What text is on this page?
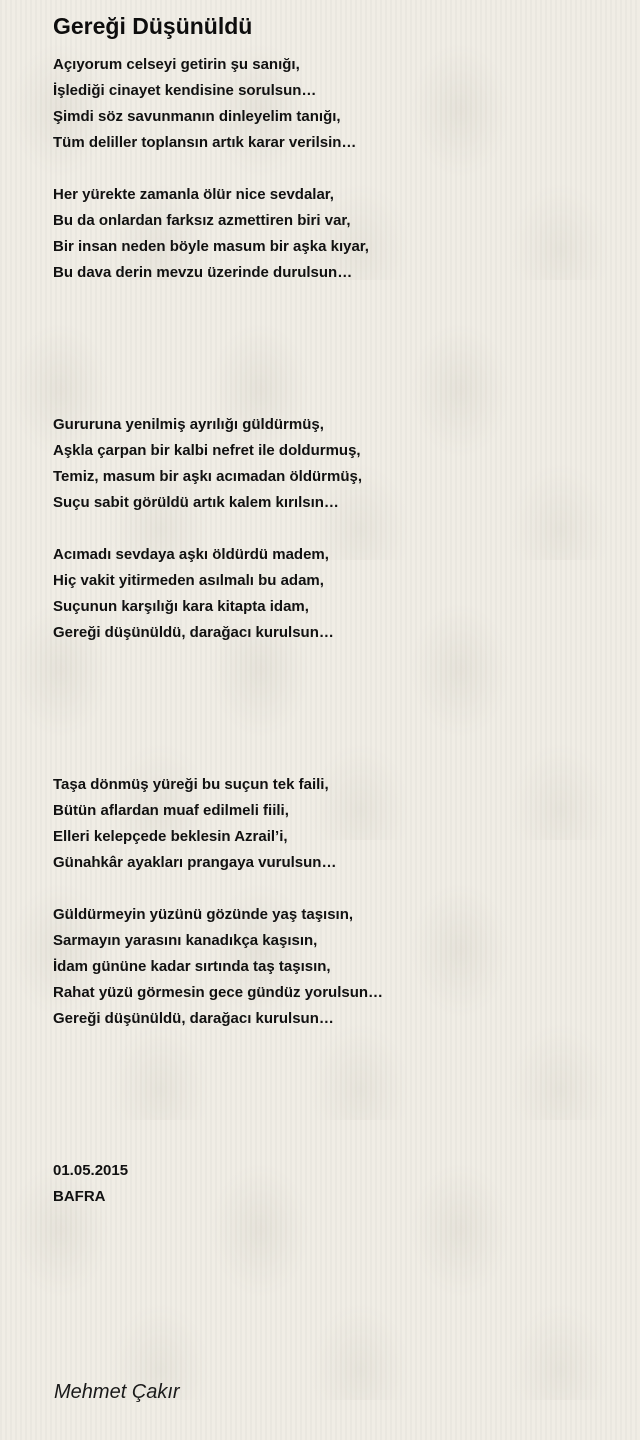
Gereği Düşünüldü
Açıyorum celseyi getirin şu sanığı,
İşlediği cinayet kendisine sorulsun…
Şimdi söz savunmanın dinleyelim tanığı,
Tüm deliller toplansın artık karar verilsin…
Her yürekte zamanla ölür nice sevdalar,
Bu da onlardan farksız azmettiren biri var,
Bir insan neden böyle masum bir aşka kıyar,
Bu dava derin mevzu üzerinde durulsun…
Gururuna yenilmiş ayrılığı güldürmüş,
Aşkla çarpan bir kalbi nefret ile doldurmuş,
Temiz, masum bir aşkı acımadan öldürmüş,
Suçu sabit görüldü artık kalem kırılsın…
Acımadı sevdaya aşkı öldürdü madem,
Hiç vakit yitirmeden asılmalı bu adam,
Suçunun karşılığı kara kitapta idam,
Gereği düşünüldü, darağacı kurulsun…
Taşa dönmüş yüreği bu suçun tek faili,
Bütün aflardan muaf edilmeli fiili,
Elleri kelepçede beklesin Azrail’i,
Günahkâr ayakları prangaya vurulsun…
Güldürmeyin yüzünü gözünde yaş taşısın,
Sarmayın yarasını kanadıkça kaşısın,
İdam gününe kadar sırtında taş taşısın,
Rahat yüzü görmesin gece gündüz yorulsun…
Gereği düşünüldü, darağacı kurulsun…
01.05.2015
BAFRA
Mehmet Çakır
